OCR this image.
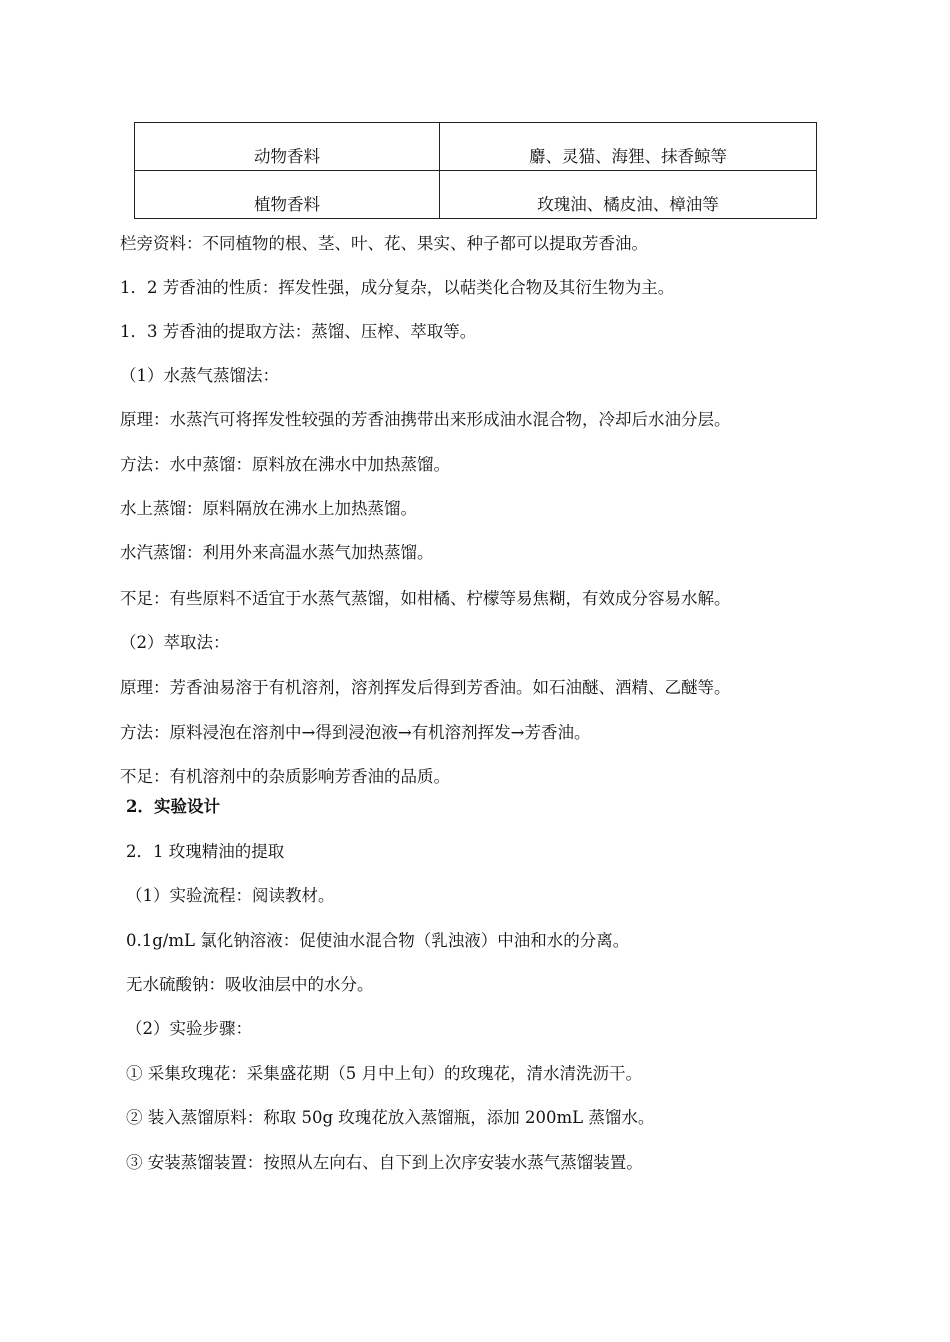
动物香料	麝、灵猫、海狸、抹香鲸等
植物香料	玫瑰油、橘皮油、樟油等
栏旁资料：不同植物的根、茎、叶、花、果实、种子都可以提取芳香油。
1．2 芳香油的性质：挥发性强，成分复杂，以萜类化合物及其衍生物为主。
1．3 芳香油的提取方法：蒸馏、压榨、萃取等。
（1）水蒸气蒸馏法：
原理：水蒸汽可将挥发性较强的芳香油携带出来形成油水混合物，冷却后水油分层。
方法：水中蒸馏：原料放在沸水中加热蒸馏。
水上蒸馏：原料隔放在沸水上加热蒸馏。
水汽蒸馏：利用外来高温水蒸气加热蒸馏。
不足：有些原料不适宜于水蒸气蒸馏，如柑橘、柠檬等易焦糊，有效成分容易水解。
（2）萃取法：
原理：芳香油易溶于有机溶剂，溶剂挥发后得到芳香油。如石油醚、酒精、乙醚等。
方法：原料浸泡在溶剂中→得到浸泡液→有机溶剂挥发→芳香油。
不足：有机溶剂中的杂质影响芳香油的品质。
2．实验设计
2．1 玫瑰精油的提取
（1）实验流程：阅读教材。
0.1g/mL 氯化钠溶液：促使油水混合物（乳浊液）中油和水的分离。
无水硫酸钠：吸收油层中的水分。
（2）实验步骤：
① 采集玫瑰花：采集盛花期（5 月中上旬）的玫瑰花，清水清洗沥干。
② 装入蒸馏原料：称取 50g 玫瑰花放入蒸馏瓶，添加 200mL 蒸馏水。
③ 安装蒸馏装置：按照从左向右、自下到上次序安装水蒸气蒸馏装置。
